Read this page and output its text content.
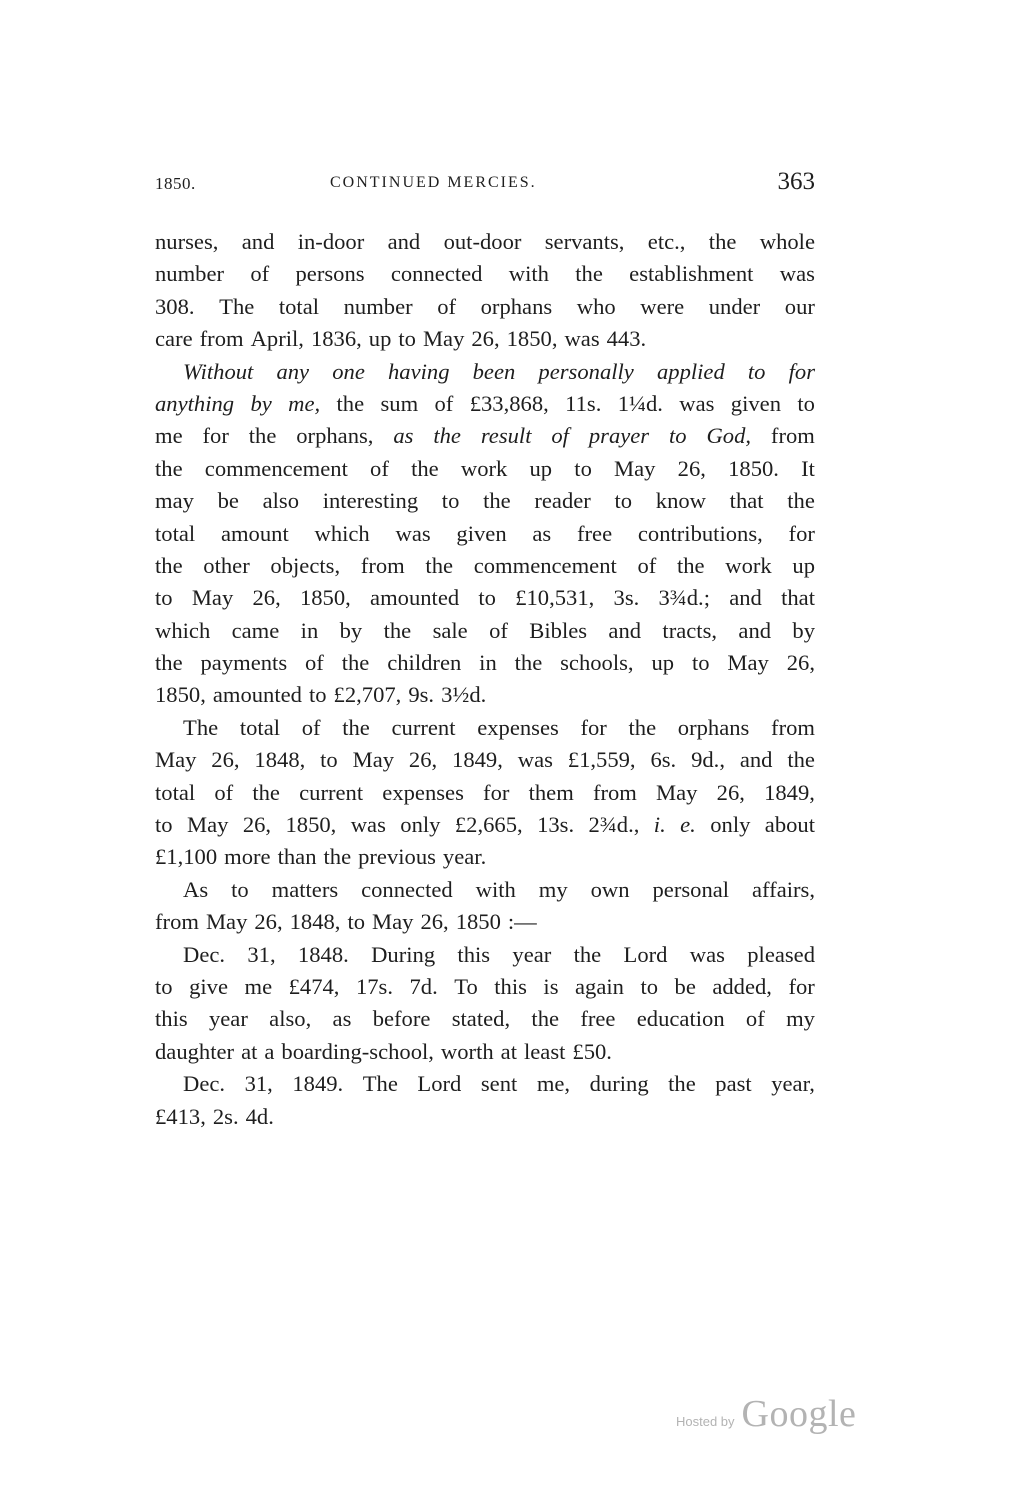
1850.	CONTINUED MERCIES.	363
nurses, and in-door and out-door servants, etc., the whole
number of persons connected with the establishment was
308. The total number of orphans who were under our
care from April, 1836, up to May 26, 1850, was 443.
Without any one having been personally applied to for
anything by me, the sum of £33,868, 11s. 1¼d. was given to
me for the orphans, as the result of prayer to God, from
the commencement of the work up to May 26, 1850. It
may be also interesting to the reader to know that the
total amount which was given as free contributions, for
the other objects, from the commencement of the work up
to May 26, 1850, amounted to £10,531, 3s. 3¾d.; and that
which came in by the sale of Bibles and tracts, and by
the payments of the children in the schools, up to May 26,
1850, amounted to £2,707, 9s. 3½d.
The total of the current expenses for the orphans from
May 26, 1848, to May 26, 1849, was £1,559, 6s. 9d., and the
total of the current expenses for them from May 26, 1849,
to May 26, 1850, was only £2,665, 13s. 2¾d., i. e. only about
£1,100 more than the previous year.
As to matters connected with my own personal affairs,
from May 26, 1848, to May 26, 1850 :—
Dec. 31, 1848. During this year the Lord was pleased
to give me £474, 17s. 7d. To this is again to be added, for
this year also, as before stated, the free education of my
daughter at a boarding-school, worth at least £50.
Dec. 31, 1849. The Lord sent me, during the past year,
£413, 2s. 4d.
Hosted by Google
